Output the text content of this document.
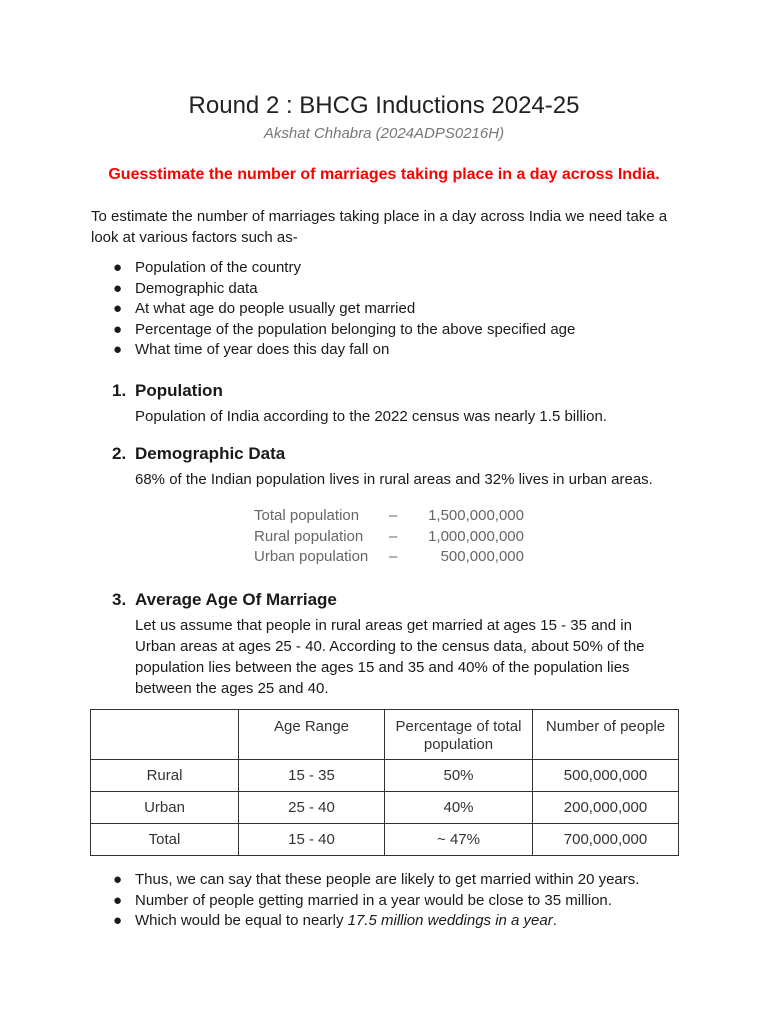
Round 2 : BHCG Inductions 2024-25
Akshat Chhabra (2024ADPS0216H)
Guesstimate the number of marriages taking place in a day across India.
To estimate the number of marriages taking place in a day across India we need take a look at various factors such as-
● Population of the country
● Demographic data
● At what age do people usually get married
● Percentage of the population belonging to the above specified age
● What time of year does this day fall on
1. Population
Population of India according to the 2022 census was nearly 1.5 billion.
2. Demographic Data
68% of the Indian population lives in rural areas and 32% lives in urban areas.
Total population – 1,500,000,000
Rural population – 1,000,000,000
Urban population –	500,000,000
3. Average Age Of Marriage
Let us assume that people in rural areas get married at ages 15 - 35 and in Urban areas at ages 25 - 40. According to the census data, about 50% of the population lies between the ages 15 and 35 and 40% of the population lies between the ages 25 and 40.
	Age Range	Percentage of total population	Number of people
Rural	15 - 35	50%	500,000,000
Urban	25 - 40	40%	200,000,000
Total	15 - 40	~ 47%	700,000,000
● Thus, we can say that these people are likely to get married within 20 years.
● Number of people getting married in a year would be close to 35 million.
● Which would be equal to nearly 17.5 million weddings in a year.
